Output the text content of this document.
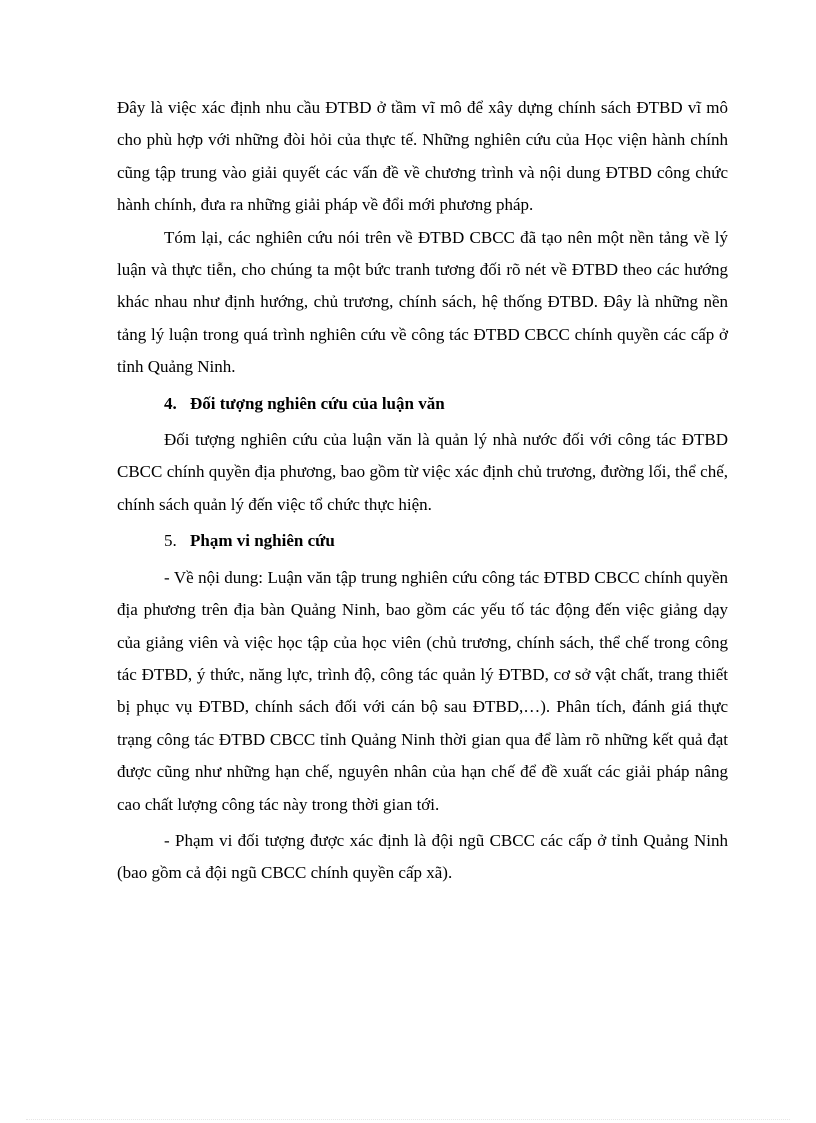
Đây là việc xác định nhu cầu ĐTBD ở tầm vĩ mô để xây dựng chính sách ĐTBD vĩ mô cho phù hợp với những đòi hỏi của thực tế. Những nghiên cứu của Học viện hành chính cũng tập trung vào giải quyết các vấn đề về chương trình và nội dung ĐTBD công chức hành chính, đưa ra những giải pháp về đổi mới phương pháp.

Tóm lại, các nghiên cứu nói trên về ĐTBD CBCC đã tạo nên một nền tảng về lý luận và thực tiễn, cho chúng ta một bức tranh tương đối rõ nét về ĐTBD theo các hướng khác nhau như định hướng, chủ trương, chính sách, hệ thống ĐTBD. Đây là những nền tảng lý luận trong quá trình nghiên cứu về công tác ĐTBD CBCC chính quyền các cấp ở tỉnh Quảng Ninh.

4. Đối tượng nghiên cứu của luận văn

Đối tượng nghiên cứu của luận văn là quản lý nhà nước đối với công tác ĐTBD CBCC chính quyền địa phương, bao gồm từ việc xác định chủ trương, đường lối, thể chế, chính sách quản lý đến việc tổ chức thực hiện.

5. Phạm vi nghiên cứu

- Về nội dung: Luận văn tập trung nghiên cứu công tác ĐTBD CBCC chính quyền địa phương trên địa bàn Quảng Ninh, bao gồm các yếu tố tác động đến việc giảng dạy của giảng viên và việc học tập của học viên (chủ trương, chính sách, thể chế trong công tác ĐTBD, ý thức, năng lực, trình độ, công tác quản lý ĐTBD, cơ sở vật chất, trang thiết bị phục vụ ĐTBD, chính sách đối với cán bộ sau ĐTBD,…). Phân tích, đánh giá thực trạng công tác ĐTBD CBCC tỉnh Quảng Ninh thời gian qua để làm rõ những kết quả đạt được cũng như những hạn chế, nguyên nhân của hạn chế để đề xuất các giải pháp nâng cao chất lượng công tác này trong thời gian tới.

- Phạm vi đối tượng được xác định là đội ngũ CBCC các cấp ở tỉnh Quảng Ninh (bao gồm cả đội ngũ CBCC chính quyền cấp xã).
